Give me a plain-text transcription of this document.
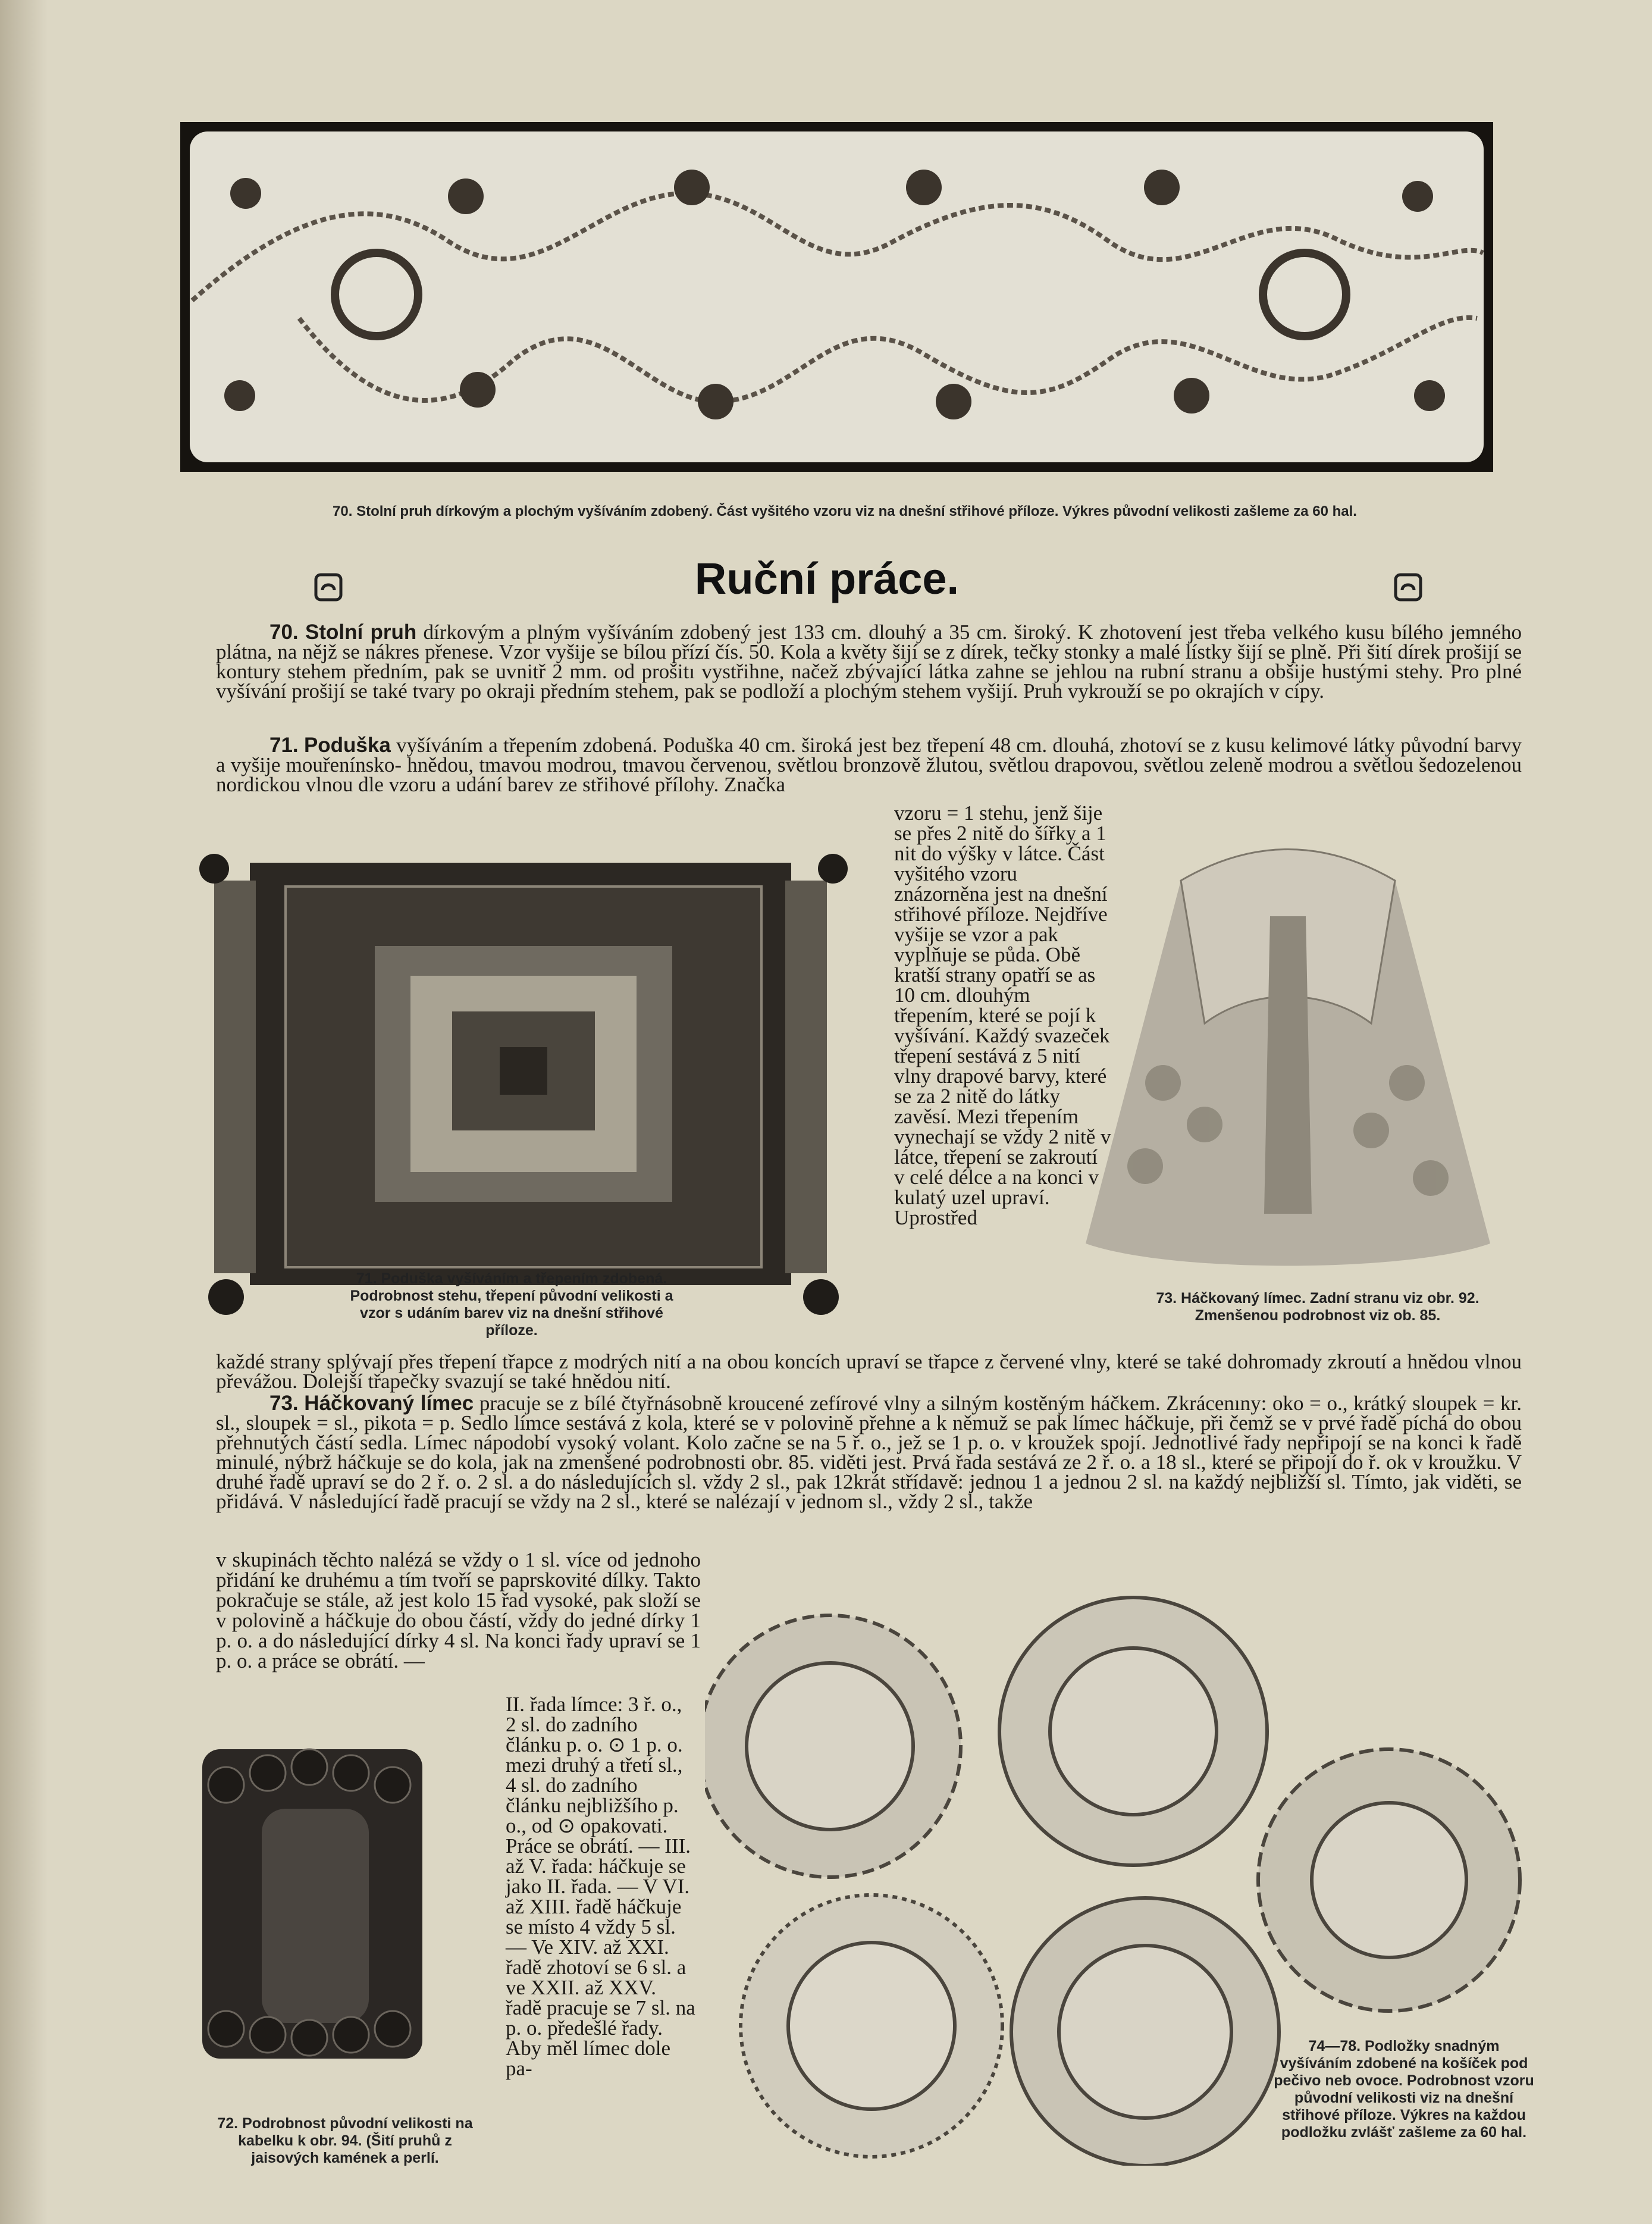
70. Stolní pruh dírkovým a plochým vyšíváním zdobený. Část vyšitého vzoru viz na dnešní střihové příloze. Výkres původní velikosti zašleme za 60 hal.
Ruční práce.
70. Stolní pruh dírkovým a plným vyšíváním zdobený jest 133 cm. dlouhý a 35 cm. široký. K zhotovení jest třeba velkého kusu bílého jemného plátna, na nějž se nákres přenese. Vzor vyšije se bílou přízí čís. 50. Kola a květy šijí se z dírek, tečky stonky a malé lístky šijí se plně. Při šití dírek prošijí se kontury stehem předním, pak se uvnitř 2 mm. od prošitı vystřihne, načež zbývající látka zahne se jehlou na rubní stranu a obšije hustými stehy. Pro plné vyšívání prošijí se také tvary po okraji předním stehem, pak se podloží a plochým stehem vyšijí. Pruh vykrouží se po okrajích v cípy.
71. Poduška vyšíváním a třepením zdobená. Poduška 40 cm. široká jest bez třepení 48 cm. dlouhá, zhotoví se z kusu kelimové látky původní barvy a vyšije mouřenínsko- hnědou, tmavou modrou, tmavou červenou, světlou bronzově žlutou, světlou drapovou, světlou zeleně modrou a světlou šedozelenou nordickou vlnou dle vzoru a udání barev ze střihové přílohy. Značka
71. Poduška vyšíváním a třepením zdobená. Podrobnost stehu, třepení původní velikosti a vzor s udáním barev viz na dnešní střihové příloze.
vzoru = 1 stehu, jenž šije se přes 2 nitě do šířky a 1 nit do výšky v látce. Část vyšitého vzoru znázorněna jest na dnešní střihové příloze. Nejdříve vyšije se vzor a pak vyplňuje se půda. Obě kratší strany opatří se as 10 cm. dlouhým třepením, které se pojí k vyšívání. Každý svazeček třepení sestává z 5 nití vlny drapové barvy, které se za 2 nitě do látky zavěsí. Mezi třepením vynechají se vždy 2 nitě v látce, třepení se zakroutí v celé délce a na konci v kulatý uzel upraví. Uprostřed
73. Háčkovaný límec. Zadní stranu viz obr. 92. Zmenšenou podrobnost viz ob. 85.
každé strany splývají přes třepení třapce z modrých nití a na obou koncích upraví se třapce z červené vlny, které se také dohromady zkroutí a hnědou vlnou převážou. Dolejší třapečky svazují se také hnědou nití.
73. Háčkovaný límec pracuje se z bílé čtyřnásobně kroucené zefírové vlny a silným kostěným háčkem. Zkrácenıny: oko = o., krátký sloupek = kr. sl., sloupek = sl., pikota = p. Sedlo límce sestává z kola, které se v polovině přehne a k němuž se pak límec háčkuje, při čemž se v prvé řadě píchá do obou přehnutých částí sedla. Límec nápodobí vysoký volant. Kolo začne se na 5 ř. o., jež se 1 p. o. v kroužek spojí. Jednotlivé řady nepřipojí se na konci k řadě minulé, nýbrž háčkuje se do kola, jak na zmenšené podrobnosti obr. 85. viděti jest. Prvá řada sestává ze 2 ř. o. a 18 sl., které se připojí do ř. ok v kroužku. V druhé řadě upraví se do 2 ř. o. 2 sl. a do následujících sl. vždy 2 sl., pak 12krát střídavě: jednou 1 a jednou 2 sl. na každý nejbližší sl. Tímto, jak viděti, se přidává. V následující řadě pracují se vždy na 2 sl., které se nalézají v jednom sl., vždy 2 sl., takže
v skupinách těchto nalézá se vždy o 1 sl. více od jednoho přidání ke druhému a tím tvoří se paprskovité dílky. Takto pokračuje se stále, až jest kolo 15 řad vysoké, pak složí se v polovině a háčkuje do obou částí, vždy do jedné dírky 1 p. o. a do následující dírky 4 sl. Na konci řady upraví se 1 p. o. a práce se obrátí. —
72. Podrobnost původní velikosti na kabelku k obr. 94. (Šití pruhů z jaisových kamének a perlí.
II. řada límce: 3 ř. o., 2 sl. do zadního článku p. o. ⊙ 1 p. o. mezi druhý a třetí sl., 4 sl. do zadního článku nejbližšího p. o., od ⊙ opakovati. Práce se obrátí. — III. až V. řada: háčkuje se jako II. řada. — V VI. až XIII. řadě háčkuje se místo 4 vždy 5 sl. — Ve XIV. až XXI. řadě zhotoví se 6 sl. a ve XXII. až XXV. řadě pracuje se 7 sl. na p. o. předešlé řady. Aby měl límec dole pa-
74—78. Podložky snadným vyšíváním zdobené na košíček pod pečivo neb ovoce. Podrobnost vzoru původní velikosti viz na dnešní střihové příloze. Výkres na každou podložku zvlášť zašleme za 60 hal.
